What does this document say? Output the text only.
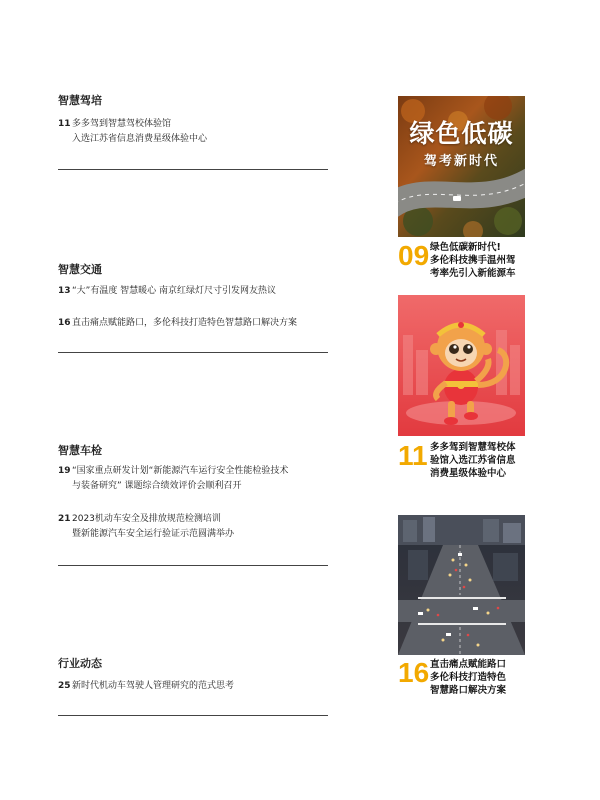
智慧驾培
11 多多驾到智慧驾校体验馆
入选江苏省信息消费星级体验中心
智慧交通
13 “大”有温度 智慧暖心 南京红绿灯尺寸引发网友热议
16 直击痛点赋能路口，多伦科技打造特色智慧路口解决方案
智慧车检
19 “国家重点研发计划“新能源汽车运行安全性能检验技术
与装备研究” 课题综合绩效评价会顺利召开
21 2023机动车安全及排放规范检测培训
暨新能源汽车安全运行验证示范圆满举办
行业动态
25 新时代机动车驾驶人管理研究的范式思考
绿色低碳
驾考新时代
09 绿色低碳新时代!
多伦科技携手温州驾
考率先引入新能源车
11 多多驾到智慧驾校体
验馆入选江苏省信息
消费星级体验中心
16 直击痛点赋能路口
多伦科技打造特色
智慧路口解决方案
